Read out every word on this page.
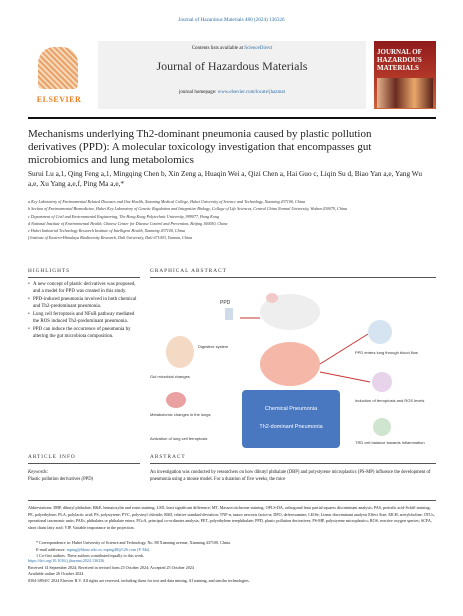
Journal of Hazardous Materials 480 (2024) 136326
ELSEVIER
Contents lists available at ScienceDirect
Journal of Hazardous Materials
journal homepage: www.elsevier.com/locate/jhazmat
JOURNAL OF HAZARDOUS MATERIALS
Mechanisms underlying Th2-dominant pneumonia caused by plastic pollution derivatives (PPD): A molecular toxicology investigation that encompasses gut microbiomics and lung metabolomics
Surui Lu a,1, Qing Feng a,1, Mingqing Chen b, Xin Zeng a, Huaqin Wei a, Qizi Chen a, Hai Guo c, Liqin Su d, Biao Yan a,e, Yang Wu a,e, Xu Yang a,e,f, Ping Ma a,e,*
a Key Laboratory of Environmental Related Diseases and One Health, Xianning Medical College, Hubei University of Science and Technology, Xianning 437100, China
b Section of Environmental Biomedicine, Hubei Key Laboratory of Genetic Regulation and Integrative Biology, College of Life Sciences, Central China Normal University, Wuhan 430079, China
c Department of Civil and Environmental Engineering, The Hong Kong Polytechnic University, 999077, Hong Kong
d National Institute of Environmental Health, Chinese Center for Disease Control and Prevention, Beijing 100050, China
e Hubei Industrial Technology Research Institute of Intelligent Health, Xianning 437100, China
f Institute of Eastern-Himalaya Biodiversity Research, Dali University, Dali 671003, Yunnan, China
HIGHLIGHTS	GRAPHICAL ABSTRACT
• A new concept of plastic derivatives was proposed, and a model for PPD was created in this study.
• PPD-induced pneumonia involved in both chemical and Th2-predominant pneumonia.
• Lung cell ferroptosis and NFκB pathway mediated the ROS induced Th2-predominant pneumonia.
• PPD can induce the occurrence of pneumonia by altering the gut microbiota composition.
PPD
Digestive system
Gut microbial changes
Metabolomic changes in the lungs
Activation of lung cell ferroptosis
Chemical Pneumonia
Th2-dominant Pneumonia
PPD enters lung through blood flow
Induction of ferroptosis and ROS levels
TRD cell balance towards Inflammation
ARTICLE INFO	ABSTRACT
Keywords:
Plastic pollution derivatives (PPD)
An investigation was conducted by researchers on how dibutyl phthalate (DBP) and polystyrene microplastics (PS-MP) influence the development of pneumonia using a mouse model. For a duration of five weeks, the mice
Abbreviations: DBP, dibutyl phthalate; H&E, hematoxylin and eosin staining; LSD, least significant difference; MT, Masson trichrome staining; OPLS-DA, orthogonal least partial squares discriminant analysis; PAS, periodic acid-Schiff staining; PE, polyethylene; PLA, polylactic acid; PS, polystyrene; PVC, polyvinyl chloride; RSD, relative standard deviation; TNF-α, tumor necrosis factor-α; DFO, deferoxamine; LEfSe, Linear discriminant analysis Effect Size; MCH, acetylcholine; OTUs, operational taxonomic units; PAEs, phthalates or phthalate esters; PCoA, principal co-ordinates analysis; PET, polyethylene terephthalate; PPD, plastic pollution derivatives; PS-MP, polystyrene microplastics; ROS, reactive oxygen species; SCFA, short chain fatty acid; VIP, Variable importance in the projection.
* Correspondence to: Hubei University of Science and Technology, No. 88 Xianning avenue, Xianning 437100, China.
E-mail addresses: mping@hbust.edu.cn, mping48@126.com (P. Ma).
1 Co-first authors. These authors contributed equally to this work.
https://doi.org/10.1016/j.jhazmat.2024.136326
Received 14 September 2024; Received in revised form 25 October 2024; Accepted 25 October 2024
Available online 26 October 2024
0304-3894/© 2024 Elsevier B.V. All rights are reserved, including those for text and data mining, AI training, and similar technologies.
